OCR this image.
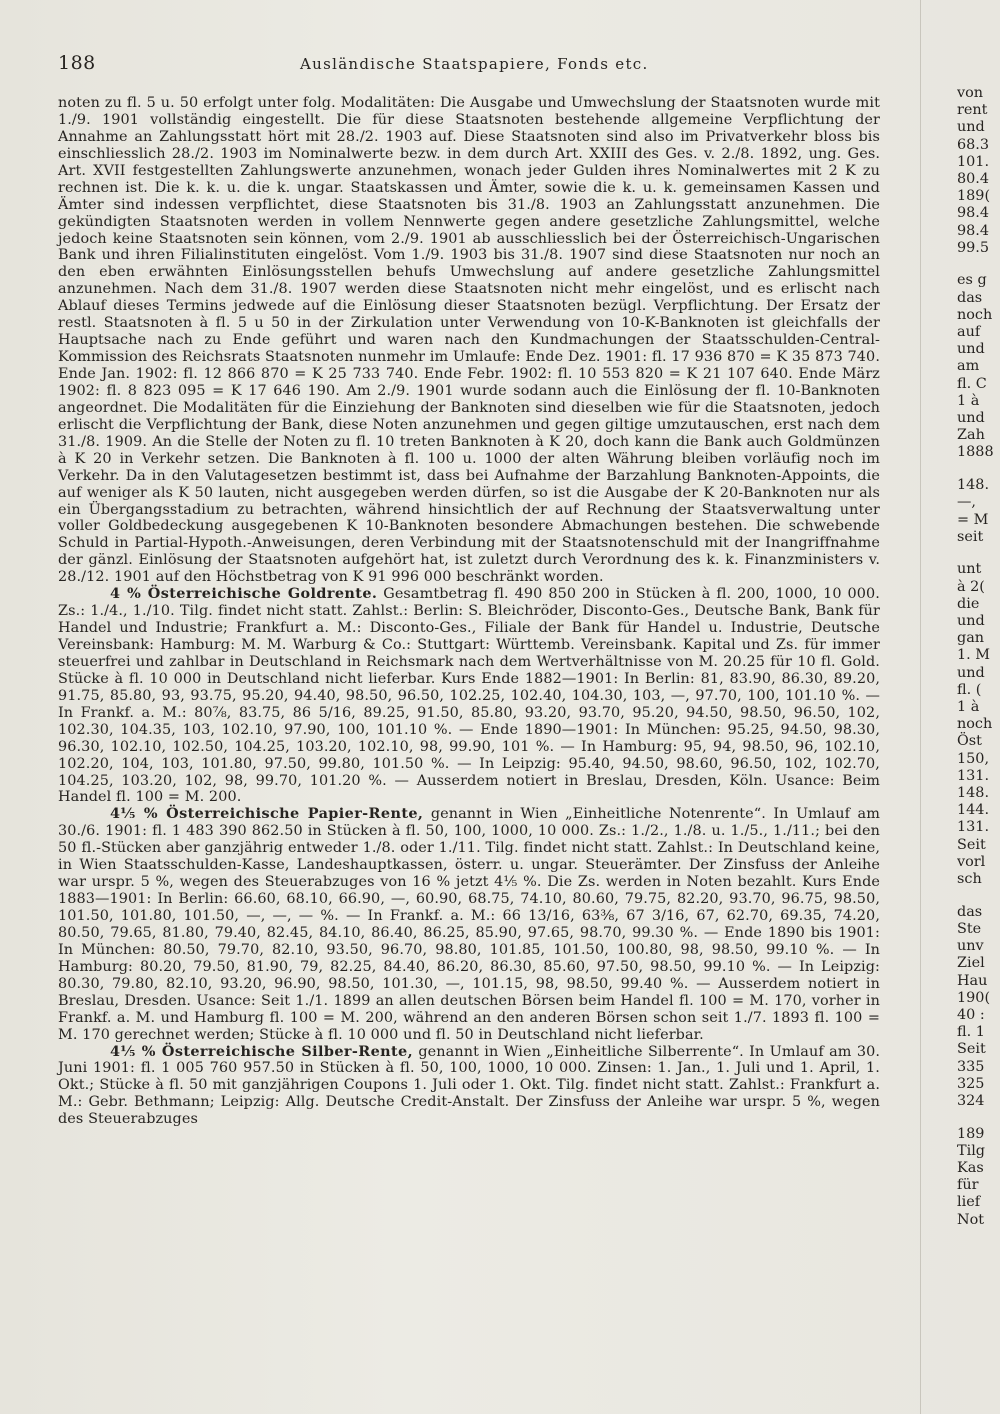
188	Ausländische Staatspapiere, Fonds etc.

noten zu fl. 5 u. 50 erfolgt unter folg. Modalitäten: Die Ausgabe und Umwechslung der Staatsnoten wurde mit 1./9. 1901 vollständig eingestellt. Die für diese Staatsnoten bestehende allgemeine Verpflichtung der Annahme an Zahlungsstatt hört mit 28./2. 1903 auf. Diese Staatsnoten sind also im Privatverkehr bloss bis einschliesslich 28./2. 1903 im Nominalwerte bezw. in dem durch Art. XXIII des Ges. v. 2./8. 1892, ung. Ges. Art. XVII festgestellten Zahlungswerte anzunehmen, wonach jeder Gulden ihres Nominalwertes mit 2 K zu rechnen ist. Die k. k. u. die k. ungar. Staatskassen und Ämter, sowie die k. u. k. gemeinsamen Kassen und Ämter sind indessen verpflichtet, diese Staatsnoten bis 31./8. 1903 an Zahlungsstatt anzunehmen. Die gekündigten Staatsnoten werden in vollem Nennwerte gegen andere gesetzliche Zahlungsmittel, welche jedoch keine Staatsnoten sein können, vom 2./9. 1901 ab ausschliesslich bei der Österreichisch-Ungarischen Bank und ihren Filialinstituten eingelöst. Vom 1./9. 1903 bis 31./8. 1907 sind diese Staatsnoten nur noch an den eben erwähnten Einlösungsstellen behufs Umwechslung auf andere gesetzliche Zahlungsmittel anzunehmen. Nach dem 31./8. 1907 werden diese Staatsnoten nicht mehr eingelöst, und es erlischt nach Ablauf dieses Termins jedwede auf die Einlösung dieser Staatsnoten bezügl. Verpflichtung. Der Ersatz der restl. Staatsnoten à fl. 5 u 50 in der Zirkulation unter Verwendung von 10-K-Banknoten ist gleichfalls der Hauptsache nach zu Ende geführt und waren nach den Kundmachungen der Staatsschulden-Central-Kommission des Reichsrats Staatsnoten nunmehr im Umlaufe: Ende Dez. 1901: fl. 17 936 870 = K 35 873 740. Ende Jan. 1902: fl. 12 866 870 = K 25 733 740. Ende Febr. 1902: fl. 10 553 820 = K 21 107 640. Ende März 1902: fl. 8 823 095 = K 17 646 190. Am 2./9. 1901 wurde sodann auch die Einlösung der fl. 10-Banknoten angeordnet. Die Modalitäten für die Einziehung der Banknoten sind dieselben wie für die Staatsnoten, jedoch erlischt die Verpflichtung der Bank, diese Noten anzunehmen und gegen giltige umzutauschen, erst nach dem 31./8. 1909. An die Stelle der Noten zu fl. 10 treten Banknoten à K 20, doch kann die Bank auch Goldmünzen à K 20 in Verkehr setzen. Die Banknoten à fl. 100 u. 1000 der alten Währung bleiben vorläufig noch im Verkehr. Da in den Valutagesetzen bestimmt ist, dass bei Aufnahme der Barzahlung Banknoten-Appoints, die auf weniger als K 50 lauten, nicht ausgegeben werden dürfen, so ist die Ausgabe der K 20-Banknoten nur als ein Übergangsstadium zu betrachten, während hinsichtlich der auf Rechnung der Staatsverwaltung unter voller Goldbedeckung ausgegebenen K 10-Banknoten besondere Abmachungen bestehen. Die schwebende Schuld in Partial-Hypoth.-Anweisungen, deren Verbindung mit der Staatsnotenschuld mit der Inangriffnahme der gänzl. Einlösung der Staatsnoten aufgehört hat, ist zuletzt durch Verordnung des k. k. Finanzministers v. 28./12. 1901 auf den Höchstbetrag von K 91 996 000 beschränkt worden.

4 % Österreichische Goldrente. Gesamtbetrag fl. 490 850 200 in Stücken à fl. 200, 1000, 10 000. Zs.: 1./4., 1./10. Tilg. findet nicht statt. Zahlst.: Berlin: S. Bleichröder, Disconto-Ges., Deutsche Bank, Bank für Handel und Industrie; Frankfurt a. M.: Disconto-Ges., Filiale der Bank für Handel u. Industrie, Deutsche Vereinsbank: Hamburg: M. M. Warburg & Co.: Stuttgart: Württemb. Vereinsbank. Kapital und Zs. für immer steuerfrei und zahlbar in Deutschland in Reichsmark nach dem Wertverhältnisse von M. 20.25 für 10 fl. Gold. Stücke à fl. 10 000 in Deutschland nicht lieferbar. Kurs Ende 1882—1901: In Berlin: 81, 83.90, 86.30, 89.20, 91.75, 85.80, 93, 93.75, 95.20, 94.40, 98.50, 96.50, 102.25, 102.40, 104.30, 103, —, 97.70, 100, 101.10 %. — In Frankf. a. M.: 80⅞, 83.75, 86 5/16, 89.25, 91.50, 85.80, 93.20, 93.70, 95.20, 94.50, 98.50, 96.50, 102, 102.30, 104.35, 103, 102.10, 97.90, 100, 101.10 %. — Ende 1890—1901: In München: 95.25, 94.50, 98.30, 96.30, 102.10, 102.50, 104.25, 103.20, 102.10, 98, 99.90, 101 %. — In Hamburg: 95, 94, 98.50, 96, 102.10, 102.20, 104, 103, 101.80, 97.50, 99.80, 101.50 %. — In Leipzig: 95.40, 94.50, 98.60, 96.50, 102, 102.70, 104.25, 103.20, 102, 98, 99.70, 101.20 %. — Ausserdem notiert in Breslau, Dresden, Köln. Usance: Beim Handel fl. 100 = M. 200.

4⅕ % Österreichische Papier-Rente, genannt in Wien „Einheitliche Notenrente“. In Umlauf am 30./6. 1901: fl. 1 483 390 862.50 in Stücken à fl. 50, 100, 1000, 10 000. Zs.: 1./2., 1./8. u. 1./5., 1./11.; bei den 50 fl.-Stücken aber ganzjährig entweder 1./8. oder 1./11. Tilg. findet nicht statt. Zahlst.: In Deutschland keine, in Wien Staatsschulden-Kasse, Landeshauptkassen, österr. u. ungar. Steuerämter. Der Zinsfuss der Anleihe war urspr. 5 %, wegen des Steuerabzuges von 16 % jetzt 4⅕ %. Die Zs. werden in Noten bezahlt. Kurs Ende 1883—1901: In Berlin: 66.60, 68.10, 66.90, —, 60.90, 68.75, 74.10, 80.60, 79.75, 82.20, 93.70, 96.75, 98.50, 101.50, 101.80, 101.50, —, —, — %. — In Frankf. a. M.: 66 13/16, 63⅜, 67 3/16, 67, 62.70, 69.35, 74.20, 80.50, 79.65, 81.80, 79.40, 82.45, 84.10, 86.40, 86.25, 85.90, 97.65, 98.70, 99.30 %. — Ende 1890 bis 1901: In München: 80.50, 79.70, 82.10, 93.50, 96.70, 98.80, 101.85, 101.50, 100.80, 98, 98.50, 99.10 %. — In Hamburg: 80.20, 79.50, 81.90, 79, 82.25, 84.40, 86.20, 86.30, 85.60, 97.50, 98.50, 99.10 %. — In Leipzig: 80.30, 79.80, 82.10, 93.20, 96.90, 98.50, 101.30, —, 101.15, 98, 98.50, 99.40 %. — Ausserdem notiert in Breslau, Dresden. Usance: Seit 1./1. 1899 an allen deutschen Börsen beim Handel fl. 100 = M. 170, vorher in Frankf. a. M. und Hamburg fl. 100 = M. 200, während an den anderen Börsen schon seit 1./7. 1893 fl. 100 = M. 170 gerechnet werden; Stücke à fl. 10 000 und fl. 50 in Deutschland nicht lieferbar.

4⅕ % Österreichische Silber-Rente, genannt in Wien „Einheitliche Silberrente“. In Umlauf am 30. Juni 1901: fl. 1 005 760 957.50 in Stücken à fl. 50, 100, 1000, 10 000. Zinsen: 1. Jan., 1. Juli und 1. April, 1. Okt.; Stücke à fl. 50 mit ganzjährigen Coupons 1. Juli oder 1. Okt. Tilg. findet nicht statt. Zahlst.: Frankfurt a. M.: Gebr. Bethmann; Leipzig: Allg. Deutsche Credit-Anstalt. Der Zinsfuss der Anleihe war urspr. 5 %, wegen des Steuerabzuges

von
rent
und
68.3
101.
80.4
189(
98.4
98.4
99.5
es g
das
noch
auf
und
am
fl. C
1 à
und
Zah
1888
148.
—,
= M
seit
unt
à 2(
die
und
gan
1. M
und
fl. (
1 à
noch
Öst
150,
131.
148.
144.
131.
Seit
vorl
sch
das
Ste
unv
Ziel
Hau
190(
40 :
fl. 1
Seit
335
325
324
189
Tilg
Kas
für
lief
Not
